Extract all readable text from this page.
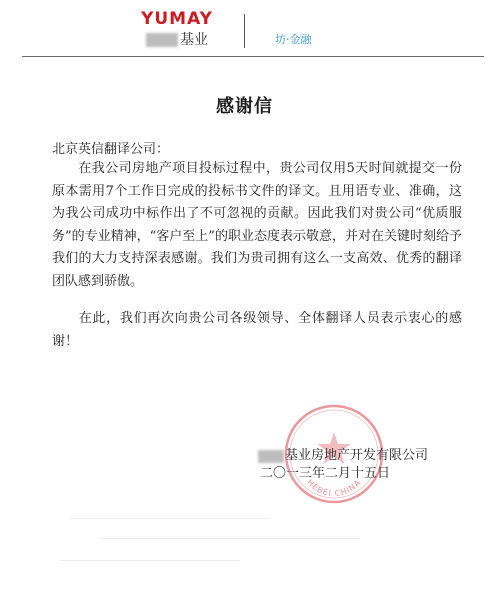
YUMAY
基业	坊·金融
感谢信
北京英信翻译公司：

在我公司房地产项目投标过程中，贵公司仅用5天时间就提交一份原本需用7个工作日完成的投标书文件的译文。且用语专业、准确，这为我公司成功中标作出了不可忽视的贡献。因此我们对贵公司“优质服务”的专业精神，“客户至上”的职业态度表示敬意，并对在关键时刻给予我们的大力支持深表感谢。我们为贵司拥有这么一支高效、优秀的翻译团队感到骄傲。

在此，我们再次向贵公司各级领导、全体翻译人员表示衷心的感谢！

HEBEI CHINA
基业房地产开发有限公司
二〇一三年二月十五日
